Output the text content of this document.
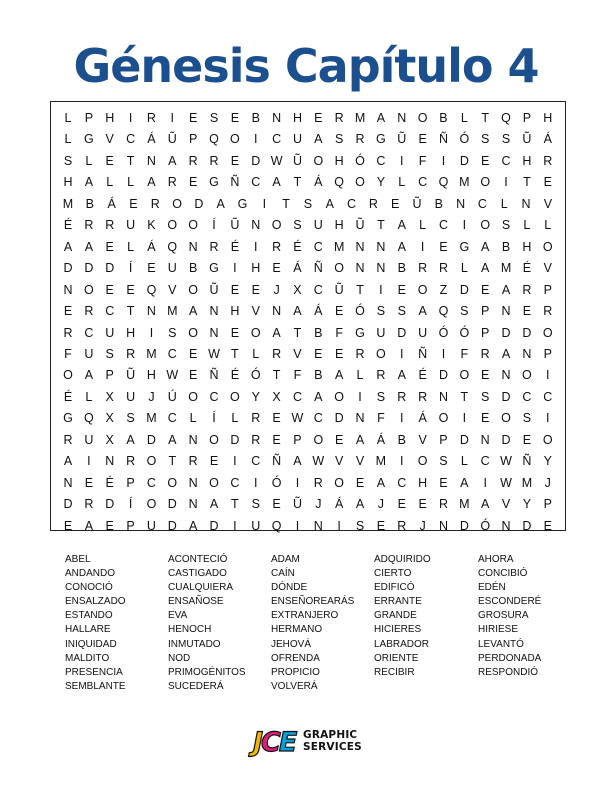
Génesis Capítulo 4
L	P H	I	R	I	E	S	E	B N H E R M A N O B	L	T Q P H
L	G V C Á Ũ P Q O	I	C U A	S R G Ũ E Ñ Ó S	S Ũ Á
S	L	E	T	N A R R E D W Ũ O H Ó C	I	F	I	D E C H R
H A	L	L	A R E G Ñ C A	T	Á Q O Y	L	C Q M O	I	T	E
M B	Á	E	R O D	A	G	I	T	S	A	C R	E	Ũ	B	N C	L	N	V
É R R U K O O	Í	Ũ N O S U H Ũ	T	A	L	C	I	O S	L	L
A	A	E	L	Á Q N R É	I	R É C M N N A	I	E G A	B H O
D D D	Í	E U B G	I	H E	Á Ñ O N N B R R	L	A M É	V
N O E	E Q V O Ũ E	E	J	X C Ũ	T	I	E O Z	D E	A R P
E R C	T	N M A N H V N A	Á	E Ó S	S	A Q S	P N E R
R C U H	I	S O N E O A	T	B	F G U D U Ó Ó P D D O
F	U S R M C E W T	L	R V	E	E R O	I	Ñ	I	F	R A N P
O A	P Ũ H W E Ñ É Ó T	F	B	A	L	R A	É D O E N O	I
É	L	X U	J	Ú O C O Y	X C A O	I	S R R N	T	S D C C
G Q X	S M C	L	Í	L	R E W C D N	F	I	Á O	I	E O S	I
R U X	A D A N O D R E	P O E	A	Á	B	V	P D N D E O
A	I	N R O T	R E	I	C Ñ A W V	V M	I	O S	L	C W Ñ Y
N E	É	P C O N O C	I	Ó	I	R O E	A C H E	A	I	W M	J
D R D	Í	O D N A	T	S	E Ũ	J	Á	A	J	E	E R M A	V	Y	P
E	A	E	P U D A D	I	U Q	I	N	I	S	E R	J	N D Ó N D E
ABEL
ANDANDO
CONOCIÓ
ENSALZADO
ESTANDO
HALLARE
INIQUIDAD
MALDITO
PRESENCIA
SEMBLANTE
ACONTECIÓ
CASTIGADO
CUALQUIERA
ENSAÑOSE
EVA
HENOCH
INMUTADO
NOD
PRIMOGÉNITOS
SUCEDERÁ
ADAM
CAÍN
DÓNDE
ENSEÑOREARÁS
EXTRANJERO
HERMANO
JEHOVÁ
OFRENDA
PROPICIO
VOLVERÁ
ADQUIRIDO
CIERTO
EDIFICÓ
ERRANTE
GRANDE
HICIERES
LABRADOR
ORIENTE
RECIBIR
AHORA
CONCIBIÓ
EDÉN
ESCONDERÉ
GROSURA
HIRIESE
LEVANTÓ
PERDONADA
RESPONDIÓ
J C E GRAPHIC
SERVICES
